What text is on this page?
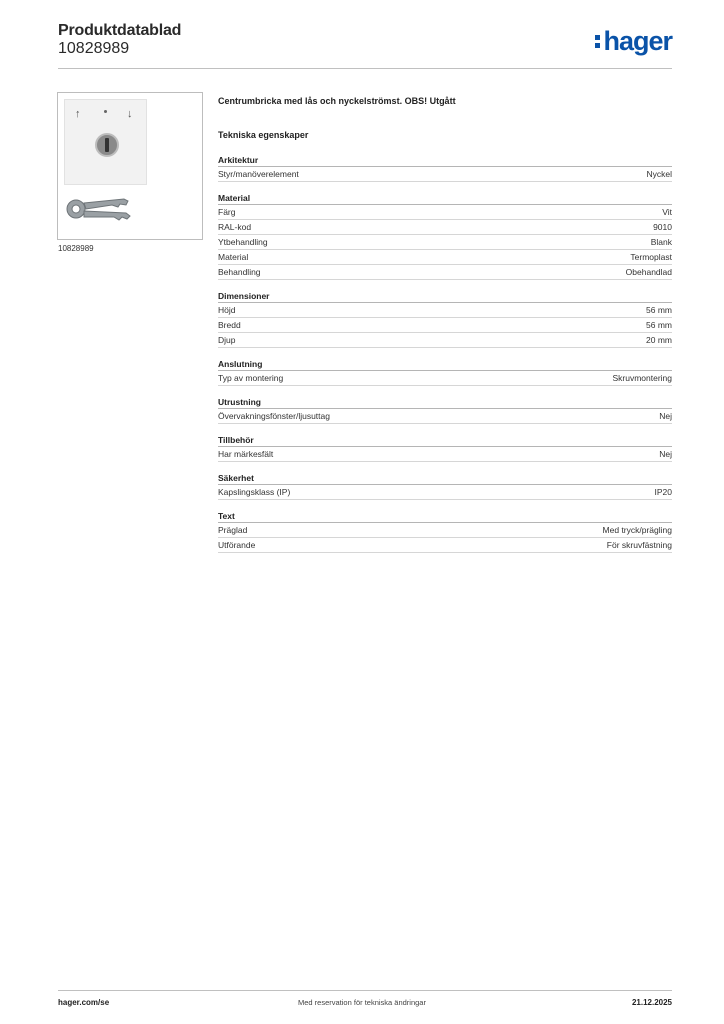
Produktdatablad
10828989	hager
↑	↓
10828989
Centrumbricka med lås och nyckelströmst. OBS! Utgått
Tekniska egenskaper
Arkitektur
Styr/manöverelement	Nyckel
Material
Färg	Vit
RAL-kod	9010
Ytbehandling	Blank
Material	Termoplast
Behandling	Obehandlad
Dimensioner
Höjd	56 mm
Bredd	56 mm
Djup	20 mm
Anslutning
Typ av montering	Skruvmontering
Utrustning
Övervakningsfönster/ljusuttag	Nej
Tillbehör
Har märkesfält	Nej
Säkerhet
Kapslingsklass (IP)	IP20
Text
Präglad	Med tryck/prägling
Utförande	För skruvfästning
hager.com/se	Med reservation för tekniska ändringar	21.12.2025
